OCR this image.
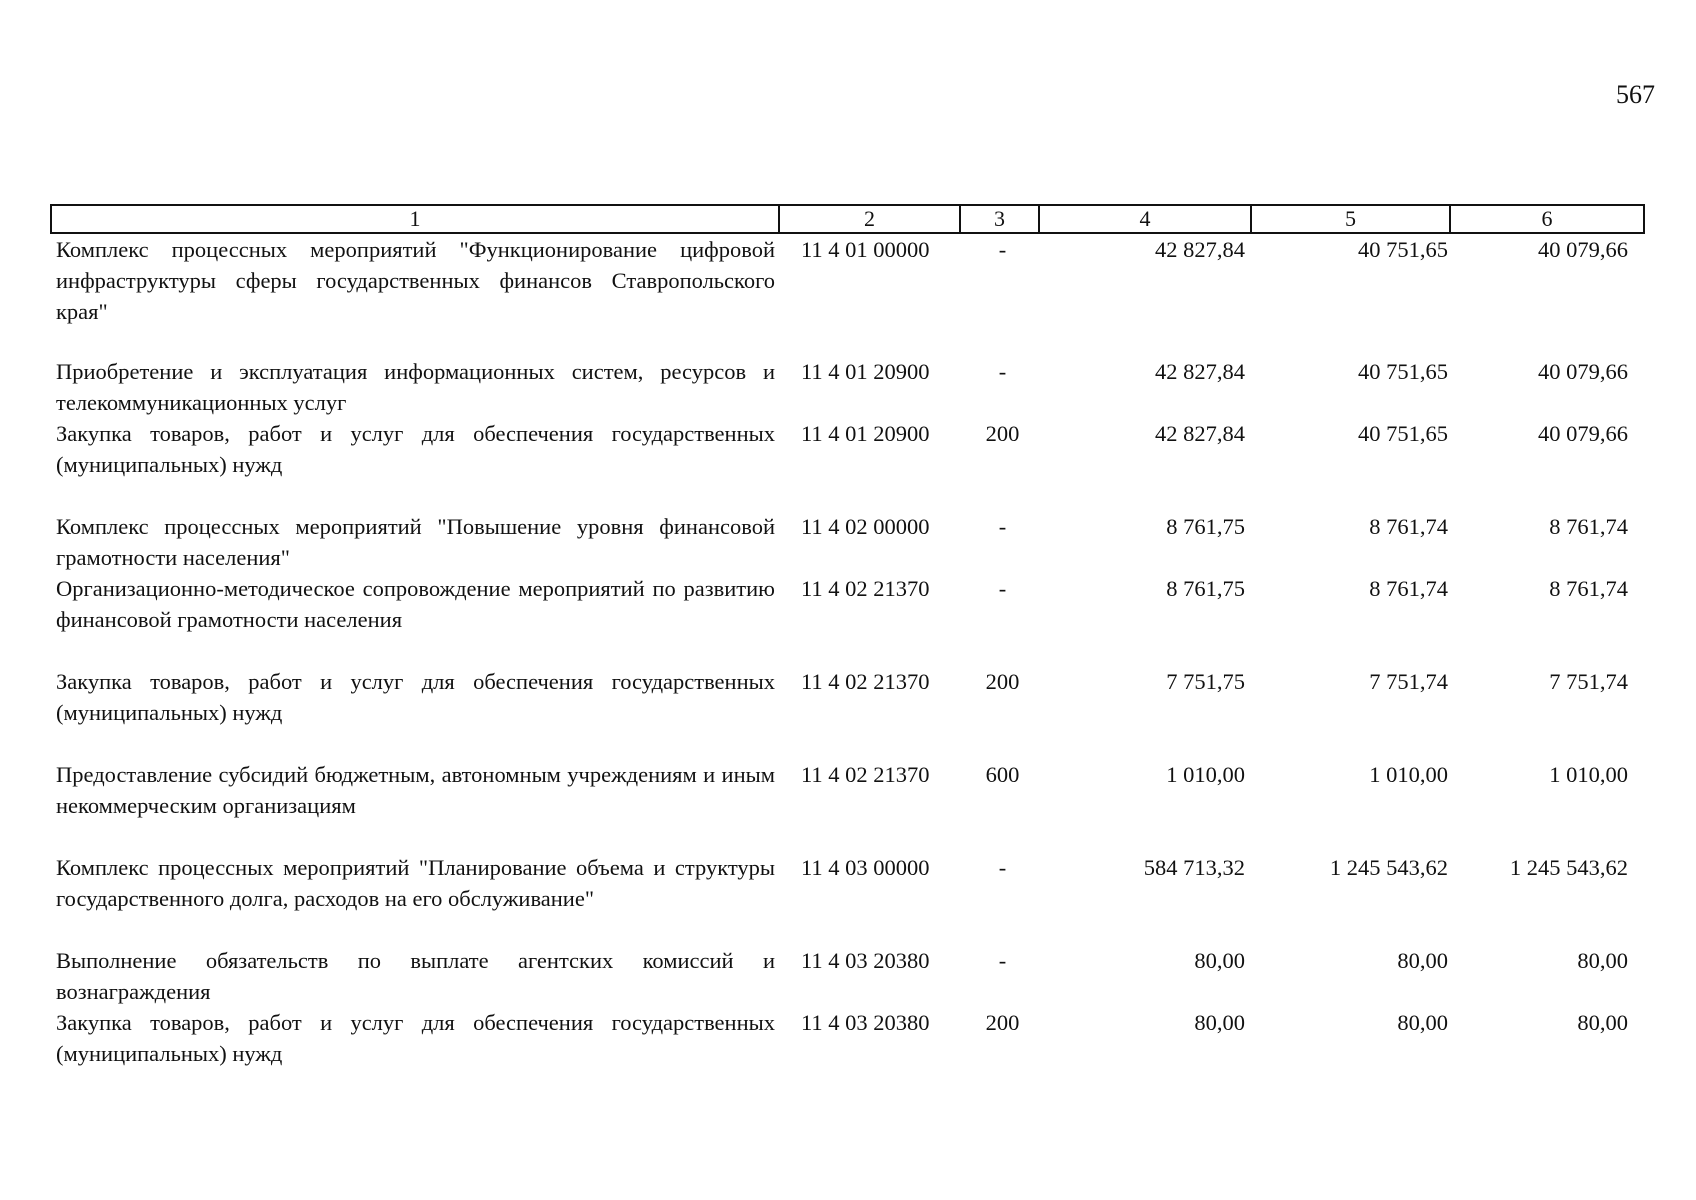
567
1	2	3	4	5	6
Комплекс процессных мероприятий "Функционирование цифровой инфраструктуры сферы государственных финансов Ставропольского края"	11 4 01 00000	-	42 827,84	40 751,65	40 079,66
Приобретение и эксплуатация информационных систем, ресурсов и телекоммуникационных услуг	11 4 01 20900	-	42 827,84	40 751,65	40 079,66
Закупка товаров, работ и услуг для обеспечения государственных (муниципальных) нужд	11 4 01 20900	200	42 827,84	40 751,65	40 079,66
Комплекс процессных мероприятий "Повышение уровня финансовой грамотности населения"	11 4 02 00000	-	8 761,75	8 761,74	8 761,74
Организационно-методическое сопровождение мероприятий по развитию финансовой грамотности населения	11 4 02 21370	-	8 761,75	8 761,74	8 761,74
Закупка товаров, работ и услуг для обеспечения государственных (муниципальных) нужд	11 4 02 21370	200	7 751,75	7 751,74	7 751,74
Предоставление субсидий бюджетным, автономным учреждениям и иным некоммерческим организациям	11 4 02 21370	600	1 010,00	1 010,00	1 010,00
Комплекс процессных мероприятий "Планирование объема и структуры государственного долга, расходов на его обслуживание"	11 4 03 00000	-	584 713,32	1 245 543,62	1 245 543,62
Выполнение обязательств по выплате агентских комиссий и вознаграждения	11 4 03 20380	-	80,00	80,00	80,00
Закупка товаров, работ и услуг для обеспечения государственных (муниципальных) нужд	11 4 03 20380	200	80,00	80,00	80,00
